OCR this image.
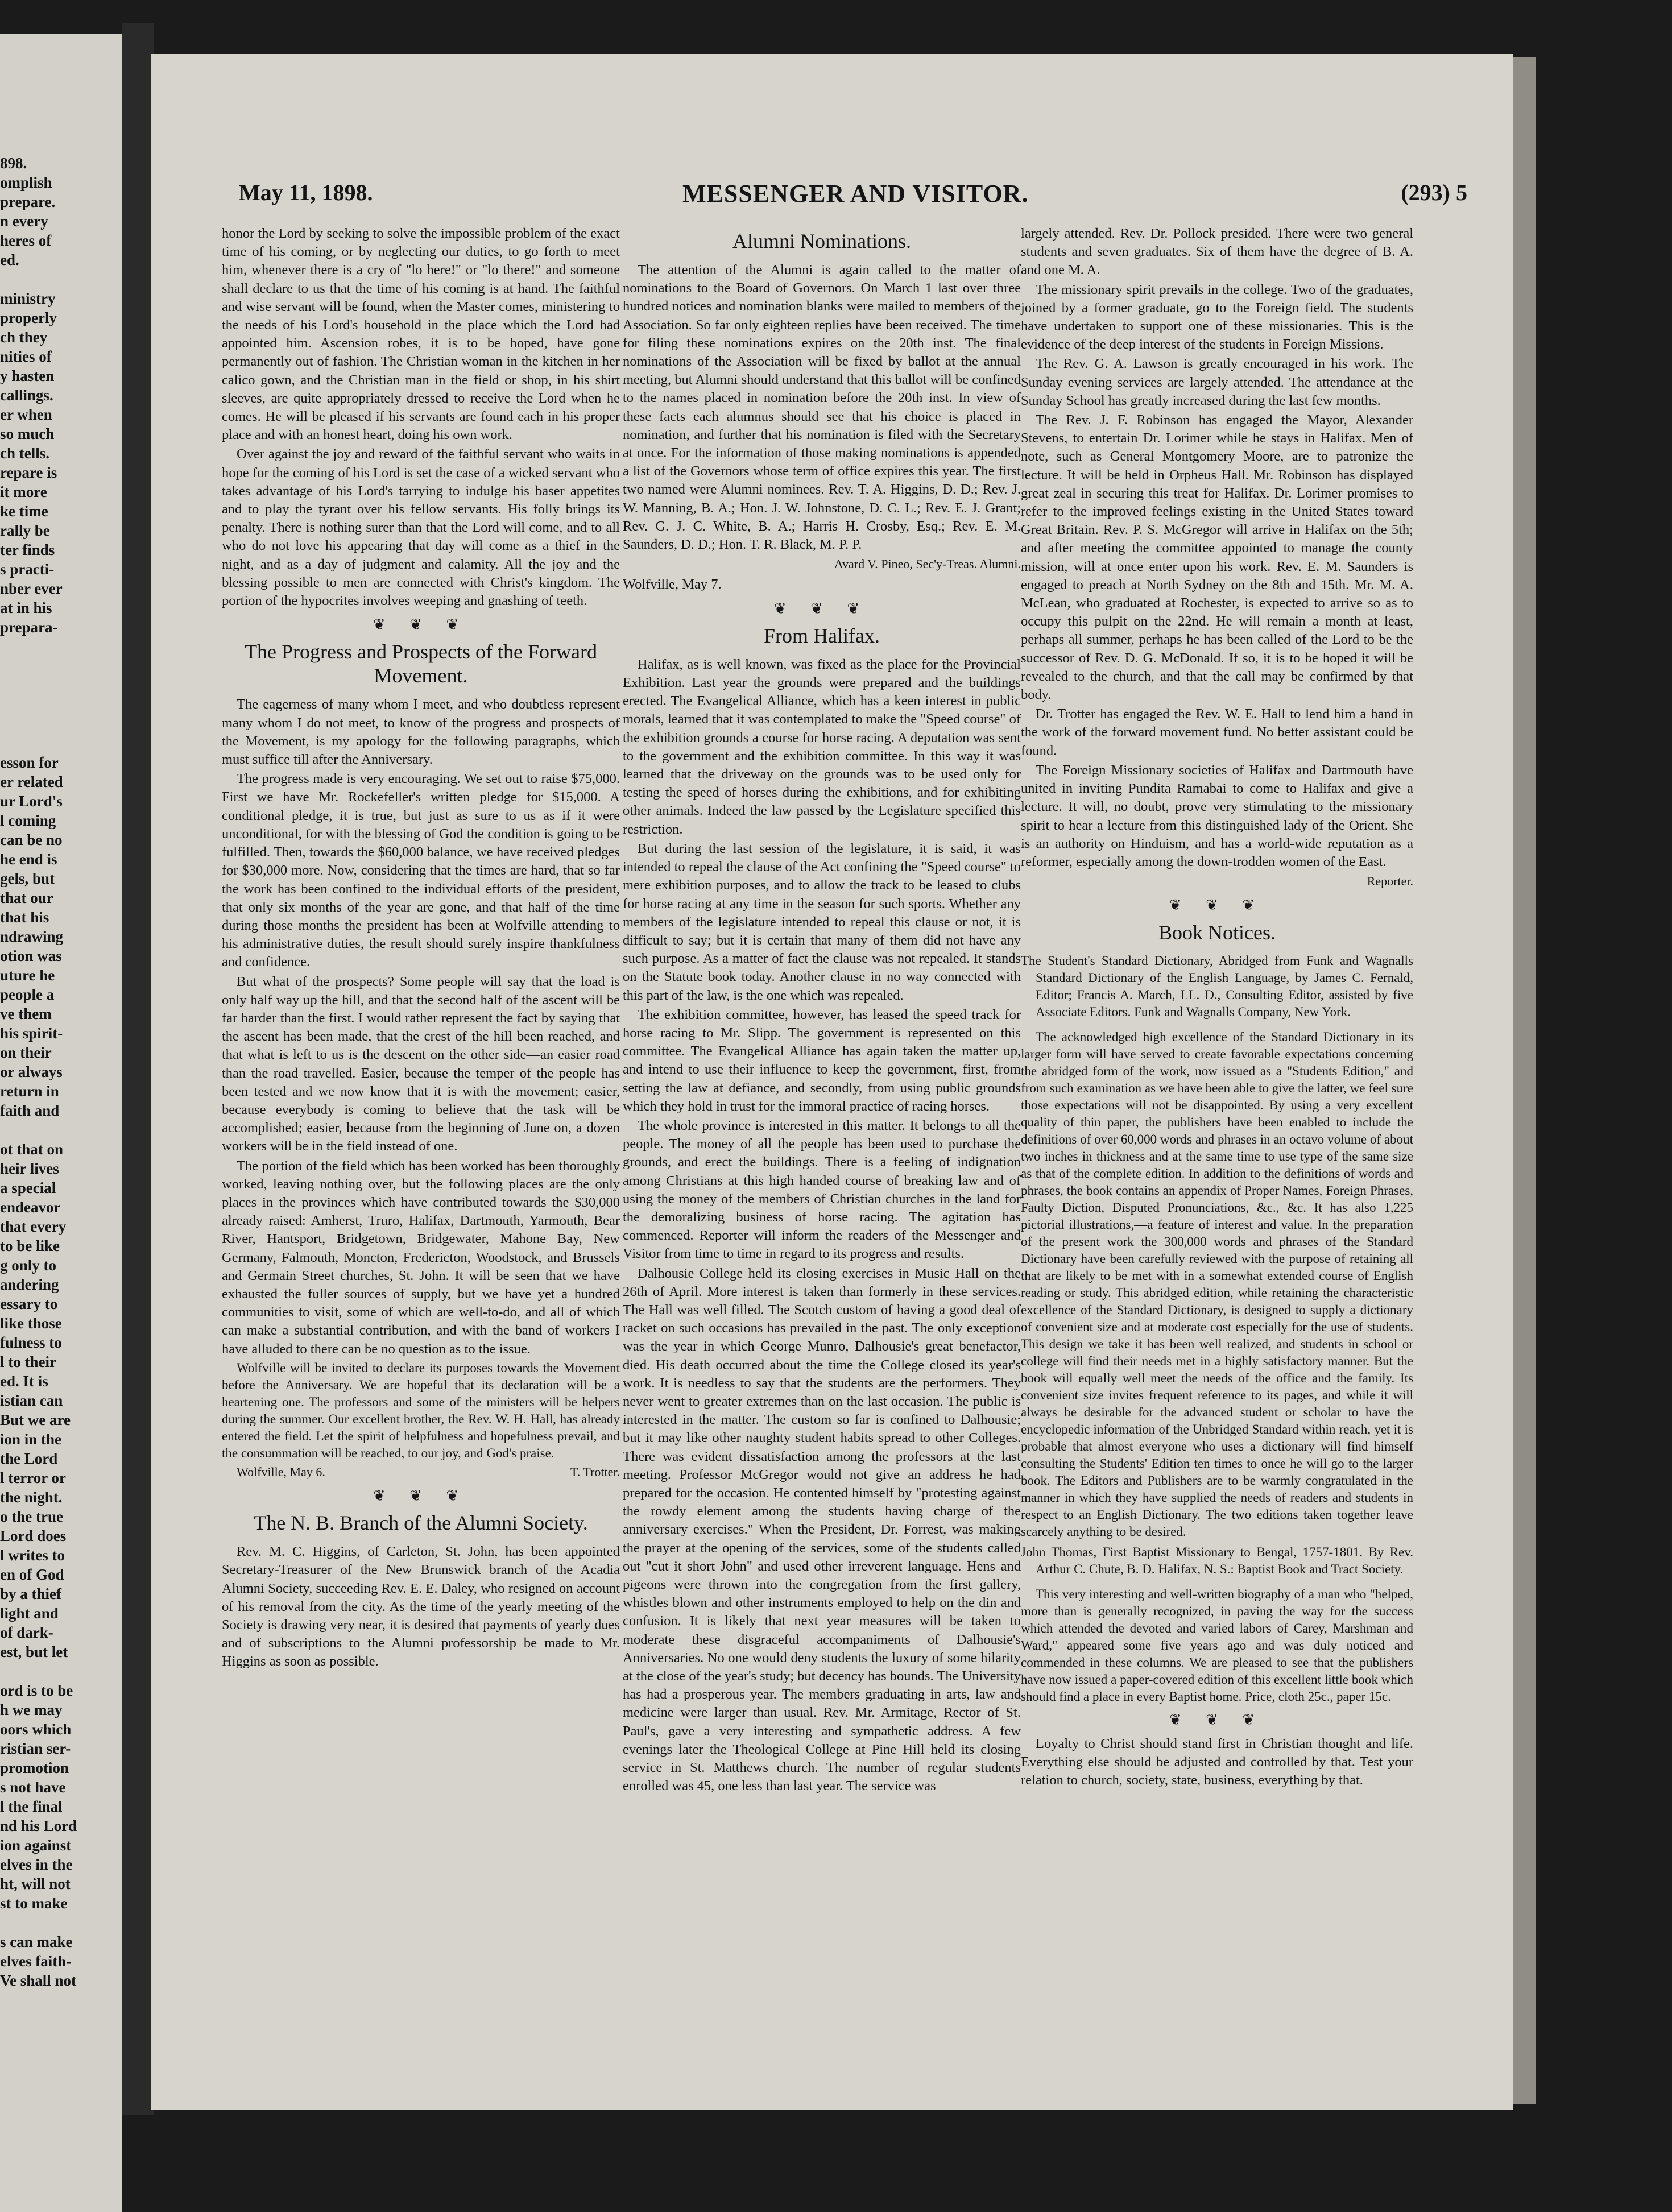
898.
omplish
prepare.
n every
heres of
ed.

ministry
properly
ch they
nities of
y hasten
callings.
er when
so much
ch tells.
repare is
it more
ke time
rally be
ter finds
s practi-
nber ever
at in his
prepara-

esson for
er related
ur Lord's
l coming
can be no
he end is
gels, but
that our
that his
ndrawing
otion was
uture he
people a
ve them
his spirit-
on their
or always
return in
faith and

ot that on
heir lives
a special
endeavor
that every
to be like
g only to
andering
essary to
like those
fulness to
l to their
ed. It is
istian can
But we are
ion in the
the Lord
l terror or
the night.
o the true
Lord does
l writes to
en of God
by a thief
light and
of dark-
est, but let

ord is to be
h we may
oors which
ristian ser-
promotion
s not have
l the final
nd his Lord
ion against
elves in the
ht, will not
st to make

s can make
elves faith-
Ve shall not
May 11, 1898.	MESSENGER AND VISITOR.	(293) 5

honor the Lord by seeking to solve the impossible problem of the exact time of his coming, or by neglecting our duties, to go forth to meet him, whenever there is a cry of "lo here!" or "lo there!" and someone shall declare to us that the time of his coming is at hand. The faithful and wise servant will be found, when the Master comes, ministering to the needs of his Lord's household in the place which the Lord had appointed him. Ascension robes, it is to be hoped, have gone permanently out of fashion. The Christian woman in the kitchen in her calico gown, and the Christian man in the field or shop, in his shirt sleeves, are quite appropriately dressed to receive the Lord when he comes. He will be pleased if his servants are found each in his proper place and with an honest heart, doing his own work.

Over against the joy and reward of the faithful servant who waits in hope for the coming of his Lord is set the case of a wicked servant who takes advantage of his Lord's tarrying to indulge his baser appetites and to play the tyrant over his fellow servants. His folly brings its penalty. There is nothing surer than that the Lord will come, and to all who do not love his appearing that day will come as a thief in the night, and as a day of judgment and calamity. All the joy and the blessing possible to men are connected with Christ's kingdom. The portion of the hypocrites involves weeping and gnashing of teeth.

❦ ❦ ❦
The Progress and Prospects of the Forward Movement.

The eagerness of many whom I meet, and who doubtless represent many whom I do not meet, to know of the progress and prospects of the Movement, is my apology for the following paragraphs, which must suffice till after the Anniversary.

The progress made is very encouraging. We set out to raise $75,000. First we have Mr. Rockefeller's written pledge for $15,000. A conditional pledge, it is true, but just as sure to us as if it were unconditional, for with the blessing of God the condition is going to be fulfilled. Then, towards the $60,000 balance, we have received pledges for $30,000 more. Now, considering that the times are hard, that so far the work has been confined to the individual efforts of the president, that only six months of the year are gone, and that half of the time during those months the president has been at Wolfville attending to his administrative duties, the result should surely inspire thankfulness and confidence.

But what of the prospects? Some people will say that the load is only half way up the hill, and that the second half of the ascent will be far harder than the first. I would rather represent the fact by saying that the ascent has been made, that the crest of the hill been reached, and that what is left to us is the descent on the other side—an easier road than the road travelled. Easier, because the temper of the people has been tested and we now know that it is with the movement; easier, because everybody is coming to believe that the task will be accomplished; easier, because from the beginning of June on, a dozen workers will be in the field instead of one.

The portion of the field which has been worked has been thoroughly worked, leaving nothing over, but the following places are the only places in the provinces which have contributed towards the $30,000 already raised: Amherst, Truro, Halifax, Dartmouth, Yarmouth, Bear River, Hantsport, Bridgetown, Bridgewater, Mahone Bay, New Germany, Falmouth, Moncton, Fredericton, Woodstock, and Brussels and Germain Street churches, St. John. It will be seen that we have exhausted the fuller sources of supply, but we have yet a hundred communities to visit, some of which are well-to-do, and all of which can make a substantial contribution, and with the band of workers I have alluded to there can be no question as to the issue.

Wolfville will be invited to declare its purposes towards the Movement before the Anniversary. We are hopeful that its declaration will be a heartening one. The professors and some of the ministers will be helpers during the summer. Our excellent brother, the Rev. W. H. Hall, has already entered the field. Let the spirit of helpfulness and hopefulness prevail, and the consummation will be reached, to our joy, and God's praise.

Wolfville, May 6.	T. Trotter.
❦ ❦ ❦
The N. B. Branch of the Alumni Society.

Rev. M. C. Higgins, of Carleton, St. John, has been appointed Secretary-Treasurer of the New Brunswick branch of the Acadia Alumni Society, succeeding Rev. E. E. Daley, who resigned on account of his removal from the city. As the time of the yearly meeting of the Society is drawing very near, it is desired that payments of yearly dues and of subscriptions to the Alumni professorship be made to Mr. Higgins as soon as possible.

Alumni Nominations.

The attention of the Alumni is again called to the matter of nominations to the Board of Governors. On March 1 last over three hundred notices and nomination blanks were mailed to members of the Association. So far only eighteen replies have been received. The time for filing these nominations expires on the 20th inst. The final nominations of the Association will be fixed by ballot at the annual meeting, but Alumni should understand that this ballot will be confined to the names placed in nomination before the 20th inst. In view of these facts each alumnus should see that his choice is placed in nomination, and further that his nomination is filed with the Secretary at once. For the information of those making nominations is appended a list of the Governors whose term of office expires this year. The first two named were Alumni nominees. Rev. T. A. Higgins, D. D.; Rev. J. W. Manning, B. A.; Hon. J. W. Johnstone, D. C. L.; Rev. E. J. Grant; Rev. G. J. C. White, B. A.; Harris H. Crosby, Esq.; Rev. E. M. Saunders, D. D.; Hon. T. R. Black, M. P. P.

Avard V. Pineo, Sec'y-Treas. Alumni.

Wolfville, May 7.

❦ ❦ ❦
From Halifax.

Halifax, as is well known, was fixed as the place for the Provincial Exhibition. Last year the grounds were prepared and the buildings erected. The Evangelical Alliance, which has a keen interest in public morals, learned that it was contemplated to make the "Speed course" of the exhibition grounds a course for horse racing. A deputation was sent to the government and the exhibition committee. In this way it was learned that the driveway on the grounds was to be used only for testing the speed of horses during the exhibitions, and for exhibiting other animals. Indeed the law passed by the Legislature specified this restriction.

But during the last session of the legislature, it is said, it was intended to repeal the clause of the Act confining the "Speed course" to mere exhibition purposes, and to allow the track to be leased to clubs for horse racing at any time in the season for such sports. Whether any members of the legislature intended to repeal this clause or not, it is difficult to say; but it is certain that many of them did not have any such purpose. As a matter of fact the clause was not repealed. It stands on the Statute book today. Another clause in no way connected with this part of the law, is the one which was repealed.

The exhibition committee, however, has leased the speed track for horse racing to Mr. Slipp. The government is represented on this committee. The Evangelical Alliance has again taken the matter up, and intend to use their influence to keep the government, first, from setting the law at defiance, and secondly, from using public grounds which they hold in trust for the immoral practice of racing horses.

The whole province is interested in this matter. It belongs to all the people. The money of all the people has been used to purchase the grounds, and erect the buildings. There is a feeling of indignation among Christians at this high handed course of breaking law and of using the money of the members of Christian churches in the land for the demoralizing business of horse racing. The agitation has commenced. Reporter will inform the readers of the Messenger and Visitor from time to time in regard to its progress and results.

Dalhousie College held its closing exercises in Music Hall on the 26th of April. More interest is taken than formerly in these services. The Hall was well filled. The Scotch custom of having a good deal of racket on such occasions has prevailed in the past. The only exception was the year in which George Munro, Dalhousie's great benefactor, died. His death occurred about the time the College closed its year's work. It is needless to say that the students are the performers. They never went to greater extremes than on the last occasion. The public is interested in the matter. The custom so far is confined to Dalhousie; but it may like other naughty student habits spread to other Colleges. There was evident dissatisfaction among the professors at the last meeting. Professor McGregor would not give an address he had prepared for the occasion. He contented himself by "protesting against the rowdy element among the students having charge of the anniversary exercises." When the President, Dr. Forrest, was making the prayer at the opening of the services, some of the students called out "cut it short John" and used other irreverent language. Hens and pigeons were thrown into the congregation from the first gallery, whistles blown and other instruments employed to help on the din and confusion. It is likely that next year measures will be taken to moderate these disgraceful accompaniments of Dalhousie's Anniversaries. No one would deny students the luxury of some hilarity at the close of the year's study; but decency has bounds. The University has had a prosperous year. The members graduating in arts, law and medicine were larger than usual. Rev. Mr. Armitage, Rector of St. Paul's, gave a very interesting and sympathetic address. A few evenings later the Theological College at Pine Hill held its closing service in St. Matthews church. The number of regular students enrolled was 45, one less than last year. The service was

largely attended. Rev. Dr. Pollock presided. There were two general students and seven graduates. Six of them have the degree of B. A. and one M. A.

The missionary spirit prevails in the college. Two of the graduates, joined by a former graduate, go to the Foreign field. The students have undertaken to support one of these missionaries. This is the evidence of the deep interest of the students in Foreign Missions.

The Rev. G. A. Lawson is greatly encouraged in his work. The Sunday evening services are largely attended. The attendance at the Sunday School has greatly increased during the last few months.

The Rev. J. F. Robinson has engaged the Mayor, Alexander Stevens, to entertain Dr. Lorimer while he stays in Halifax. Men of note, such as General Montgomery Moore, are to patronize the lecture. It will be held in Orpheus Hall. Mr. Robinson has displayed great zeal in securing this treat for Halifax. Dr. Lorimer promises to refer to the improved feelings existing in the United States toward Great Britain. Rev. P. S. McGregor will arrive in Halifax on the 5th; and after meeting the committee appointed to manage the county mission, will at once enter upon his work. Rev. E. M. Saunders is engaged to preach at North Sydney on the 8th and 15th. Mr. M. A. McLean, who graduated at Rochester, is expected to arrive so as to occupy this pulpit on the 22nd. He will remain a month at least, perhaps all summer, perhaps he has been called of the Lord to be the successor of Rev. D. G. McDonald. If so, it is to be hoped it will be revealed to the church, and that the call may be confirmed by that body.

Dr. Trotter has engaged the Rev. W. E. Hall to lend him a hand in the work of the forward movement fund. No better assistant could be found.

The Foreign Missionary societies of Halifax and Dartmouth have united in inviting Pundita Ramabai to come to Halifax and give a lecture. It will, no doubt, prove very stimulating to the missionary spirit to hear a lecture from this distinguished lady of the Orient. She is an authority on Hinduism, and has a world-wide reputation as a reformer, especially among the down-trodden women of the East.

Reporter.
❦ ❦ ❦
Book Notices.

The Student's Standard Dictionary, Abridged from Funk and Wagnalls Standard Dictionary of the English Language, by James C. Fernald, Editor; Francis A. March, LL. D., Consulting Editor, assisted by five Associate Editors. Funk and Wagnalls Company, New York.

The acknowledged high excellence of the Standard Dictionary in its larger form will have served to create favorable expectations concerning the abridged form of the work, now issued as a "Students Edition," and from such examination as we have been able to give the latter, we feel sure those expectations will not be disappointed. By using a very excellent quality of thin paper, the publishers have been enabled to include the definitions of over 60,000 words and phrases in an octavo volume of about two inches in thickness and at the same time to use type of the same size as that of the complete edition. In addition to the definitions of words and phrases, the book contains an appendix of Proper Names, Foreign Phrases, Faulty Diction, Disputed Pronunciations, &c., &c. It has also 1,225 pictorial illustrations,—a feature of interest and value. In the preparation of the present work the 300,000 words and phrases of the Standard Dictionary have been carefully reviewed with the purpose of retaining all that are likely to be met with in a somewhat extended course of English reading or study. This abridged edition, while retaining the characteristic excellence of the Standard Dictionary, is designed to supply a dictionary of convenient size and at moderate cost especially for the use of students. This design we take it has been well realized, and students in school or college will find their needs met in a highly satisfactory manner. But the book will equally well meet the needs of the office and the family. Its convenient size invites frequent reference to its pages, and while it will always be desirable for the advanced student or scholar to have the encyclopedic information of the Unbridged Standard within reach, yet it is probable that almost everyone who uses a dictionary will find himself consulting the Students' Edition ten times to once he will go to the larger book. The Editors and Publishers are to be warmly congratulated in the manner in which they have supplied the needs of readers and students in respect to an English Dictionary. The two editions taken together leave scarcely anything to be desired.

John Thomas, First Baptist Missionary to Bengal, 1757-1801. By Rev. Arthur C. Chute, B. D. Halifax, N. S.: Baptist Book and Tract Society.

This very interesting and well-written biography of a man who "helped, more than is generally recognized, in paving the way for the success which attended the devoted and varied labors of Carey, Marshman and Ward," appeared some five years ago and was duly noticed and commended in these columns. We are pleased to see that the publishers have now issued a paper-covered edition of this excellent little book which should find a place in every Baptist home. Price, cloth 25c., paper 15c.

❦ ❦ ❦

Loyalty to Christ should stand first in Christian thought and life. Everything else should be adjusted and controlled by that. Test your relation to church, society, state, business, everything by that.
